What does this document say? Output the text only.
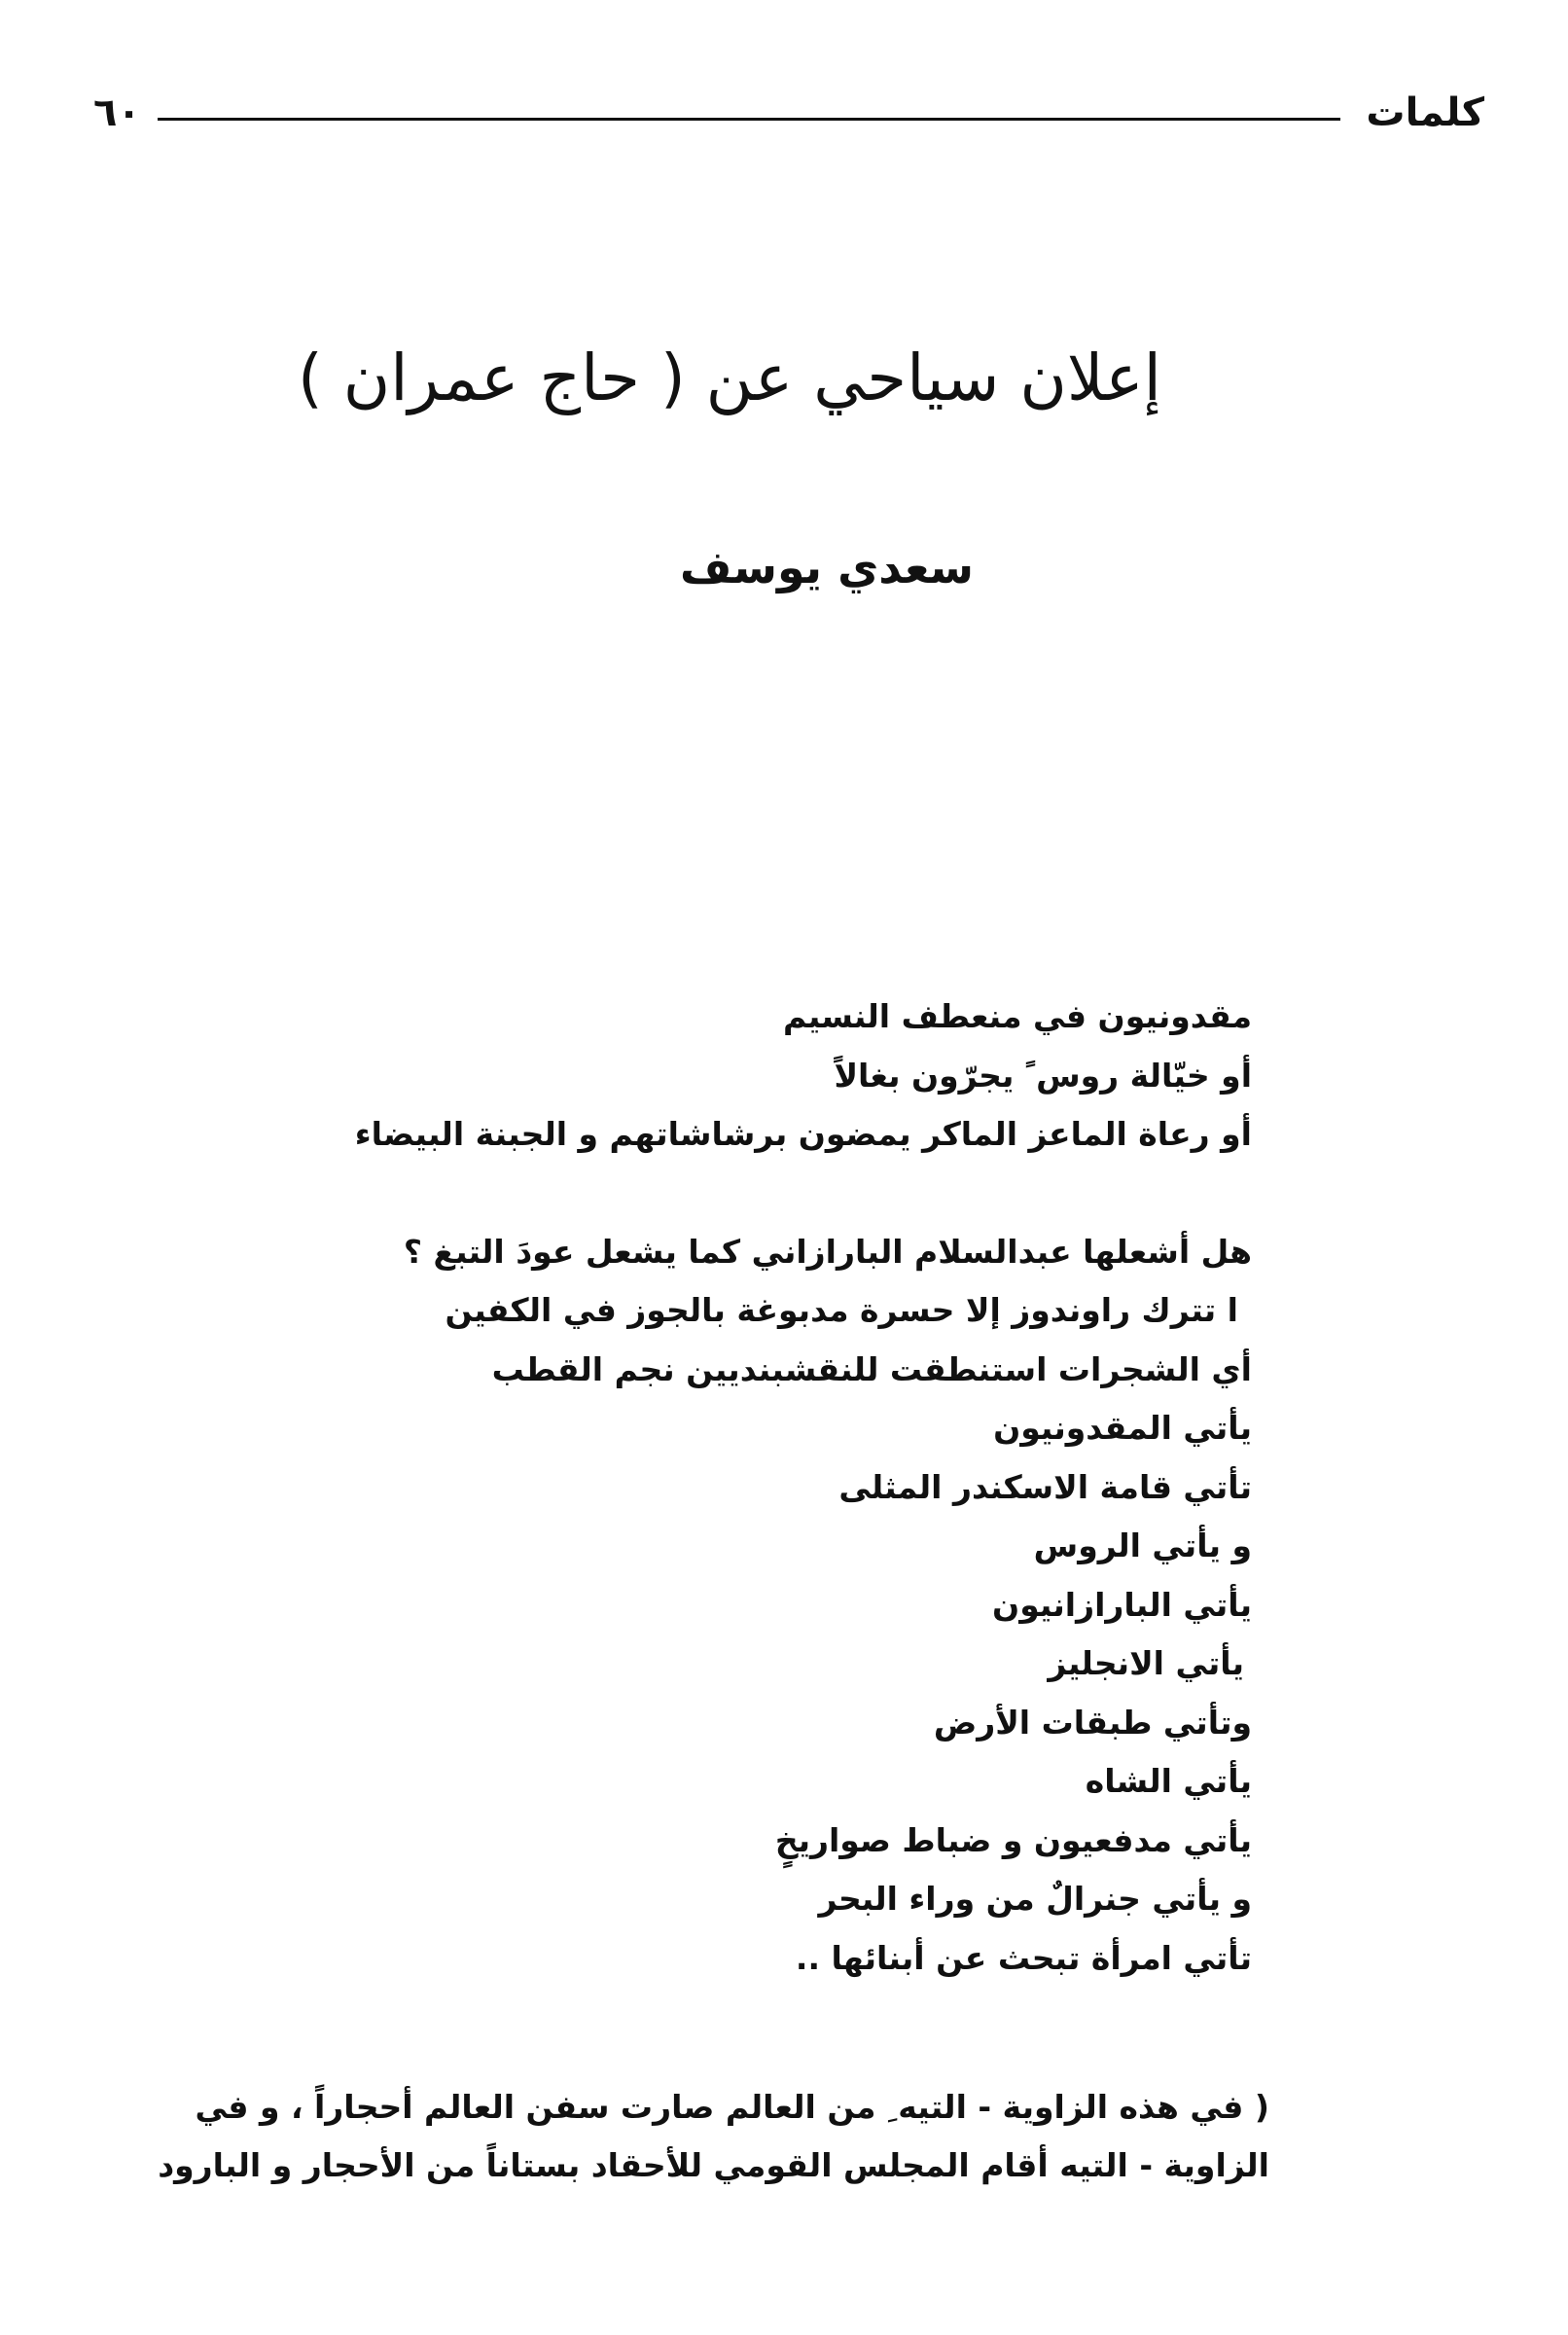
٦٠	كلمات
إعلان سياحي عن ( حاج عمران )
سعدي يوسف
مقدونيون في منعطف النسيم
أو خيّالة روس ً يجرّون بغالاً
أو رعاة الماعز الماكر يمضون برشاشاتهم و الجبنة البيضاء
هل أشعلها عبدالسلام البارازاني كما يشعل عودَ التبغ ؟
ا تترك راوندوز إلا حسرة مدبوغة بالجوز في الكفين
أي الشجرات استنطقت للنقشبنديين نجم القطب
يأتي المقدونيون
تأتي قامة الاسكندر المثلى
و يأتي الروس
يأتي البارازانيون
يأتي الانجليز
وتأتي طبقات الأرض
يأتي الشاه
يأتي مدفعيون و ضباط صواريخٍ
و يأتي جنرالٌ من وراء البحر
تأتي امرأة تبحث عن أبنائها ..
( في هذه الزاوية - التيه ِ من العالم صارت سفن العالم أحجاراً ، و في
الزاوية - التيه أقام المجلس القومي للأحقاد بستاناً من الأحجار و البارود
